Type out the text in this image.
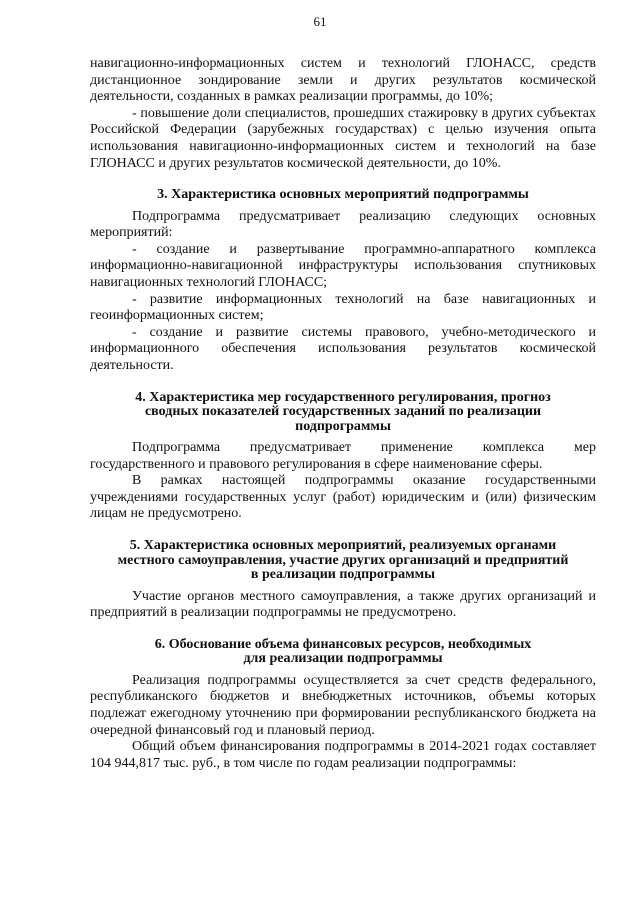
61

навигационно-информационных систем и технологий ГЛОНАСС, средств дистанционное зондирование земли и других результатов космической деятельности, созданных в рамках реализации программы, до 10%;

- повышение доли специалистов, прошедших стажировку в других субъектах Российской Федерации (зарубежных государствах) с целью изучения опыта использования навигационно-информационных систем и технологий на базе ГЛОНАСС и других результатов космической деятельности, до 10%.

3. Характеристика основных мероприятий подпрограммы

Подпрограмма предусматривает реализацию следующих основных мероприятий:

- создание и развертывание программно-аппаратного комплекса информационно-навигационной инфраструктуры использования спутниковых навигационных технологий ГЛОНАСС;

- развитие информационных технологий на базе навигационных и геоинформационных систем;

- создание и развитие системы правового, учебно-методического и информационного обеспечения использования результатов космической деятельности.

4. Характеристика мер государственного регулирования, прогноз
сводных показателей государственных заданий по реализации
подпрограммы

Подпрограмма предусматривает применение комплекса мер государственного и правового регулирования в сфере наименование сферы.

В рамках настоящей подпрограммы оказание государственными учреждениями государственных услуг (работ) юридическим и (или) физическим лицам не предусмотрено.

5. Характеристика основных мероприятий, реализуемых органами
местного самоуправления, участие других организаций и предприятий
в реализации подпрограммы

Участие органов местного самоуправления, а также других организаций и предприятий в реализации подпрограммы не предусмотрено.

6. Обоснование объема финансовых ресурсов, необходимых
для реализации подпрограммы

Реализация подпрограммы осуществляется за счет средств федерального, республиканского бюджетов и внебюджетных источников, объемы которых подлежат ежегодному уточнению при формировании республиканского бюджета на очередной финансовый год и плановый период.

Общий объем финансирования подпрограммы в 2014-2021 годах составляет 104 944,817 тыс. руб., в том числе по годам реализации подпрограммы:
